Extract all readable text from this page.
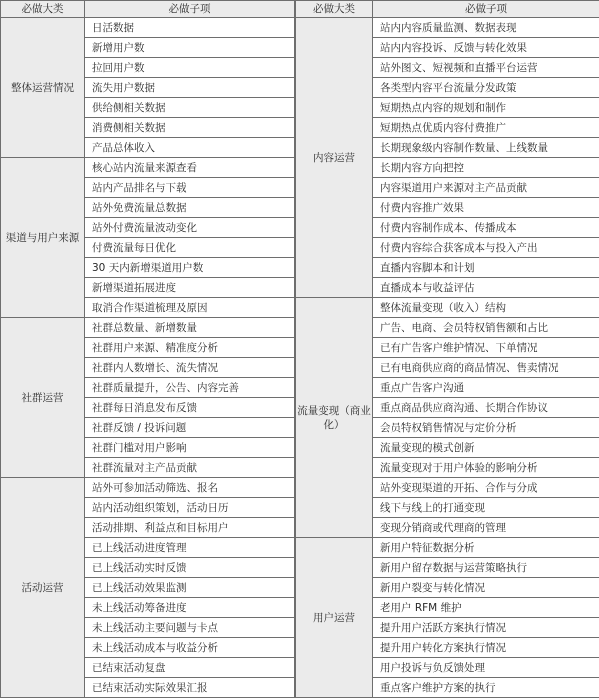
必做大类	必做子项
整体运营情况	日活数据
	新增用户数
	拉回用户数
	流失用户数据
	供给侧相关数据
	消费侧相关数据
	产品总体收入
渠道与用户来源	核心站内流量来源查看
	站内产品排名与下载
	站外免费流量总数据
	站外付费流量波动变化
	付费流量每日优化
	30 天内新增渠道用户数
	新增渠道拓展进度
	取消合作渠道梳理及原因
社群运营	社群总数量、新增数量
	社群用户来源、精准度分析
	社群内人数增长、流失情况
	社群质量提升，公告、内容完善
	社群每日消息发布反馈
	社群反馈 / 投诉问题
	社群门槛对用户影响
	社群流量对主产品贡献
活动运营	站外可参加活动筛选、报名
	站内活动组织策划，活动日历
	活动排期、利益点和目标用户
	已上线活动进度管理
	已上线活动实时反馈
	已上线活动效果监测
	未上线活动筹备进度
	未上线活动主要问题与卡点
	未上线活动成本与收益分析
	已结束活动复盘
	已结束活动实际效果汇报
必做大类	必做子项
内容运营	站内内容质量监测、数据表现
	站内内容投诉、反馈与转化效果
	站外图文、短视频和直播平台运营
	各类型内容平台流量分发政策
	短期热点内容的规划和制作
	短期热点优质内容付费推广
	长期现象级内容制作数量、上线数量
	长期内容方向把控
	内容渠道用户来源对主产品贡献
	付费内容推广效果
	付费内容制作成本、传播成本
	付费内容综合获客成本与投入产出
	直播内容脚本和计划
	直播成本与收益评估
流量变现（商业化）	整体流量变现（收入）结构
	广告、电商、会员特权销售额和占比
	已有广告客户维护情况、下单情况
	已有电商供应商的商品情况、售卖情况
	重点广告客户沟通
	重点商品供应商沟通、长期合作协议
	会员特权销售情况与定价分析
	流量变现的模式创新
	流量变现对于用户体验的影响分析
	站外变现渠道的开拓、合作与分成
	线下与线上的打通变现
	变现分销商或代理商的管理
用户运营	新用户特征数据分析
	新用户留存数据与运营策略执行
	新用户裂变与转化情况
	老用户 RFM 维护
	提升用户活跃方案执行情况
	提升用户转化方案执行情况
	用户投诉与负反馈处理
	重点客户维护方案的执行
